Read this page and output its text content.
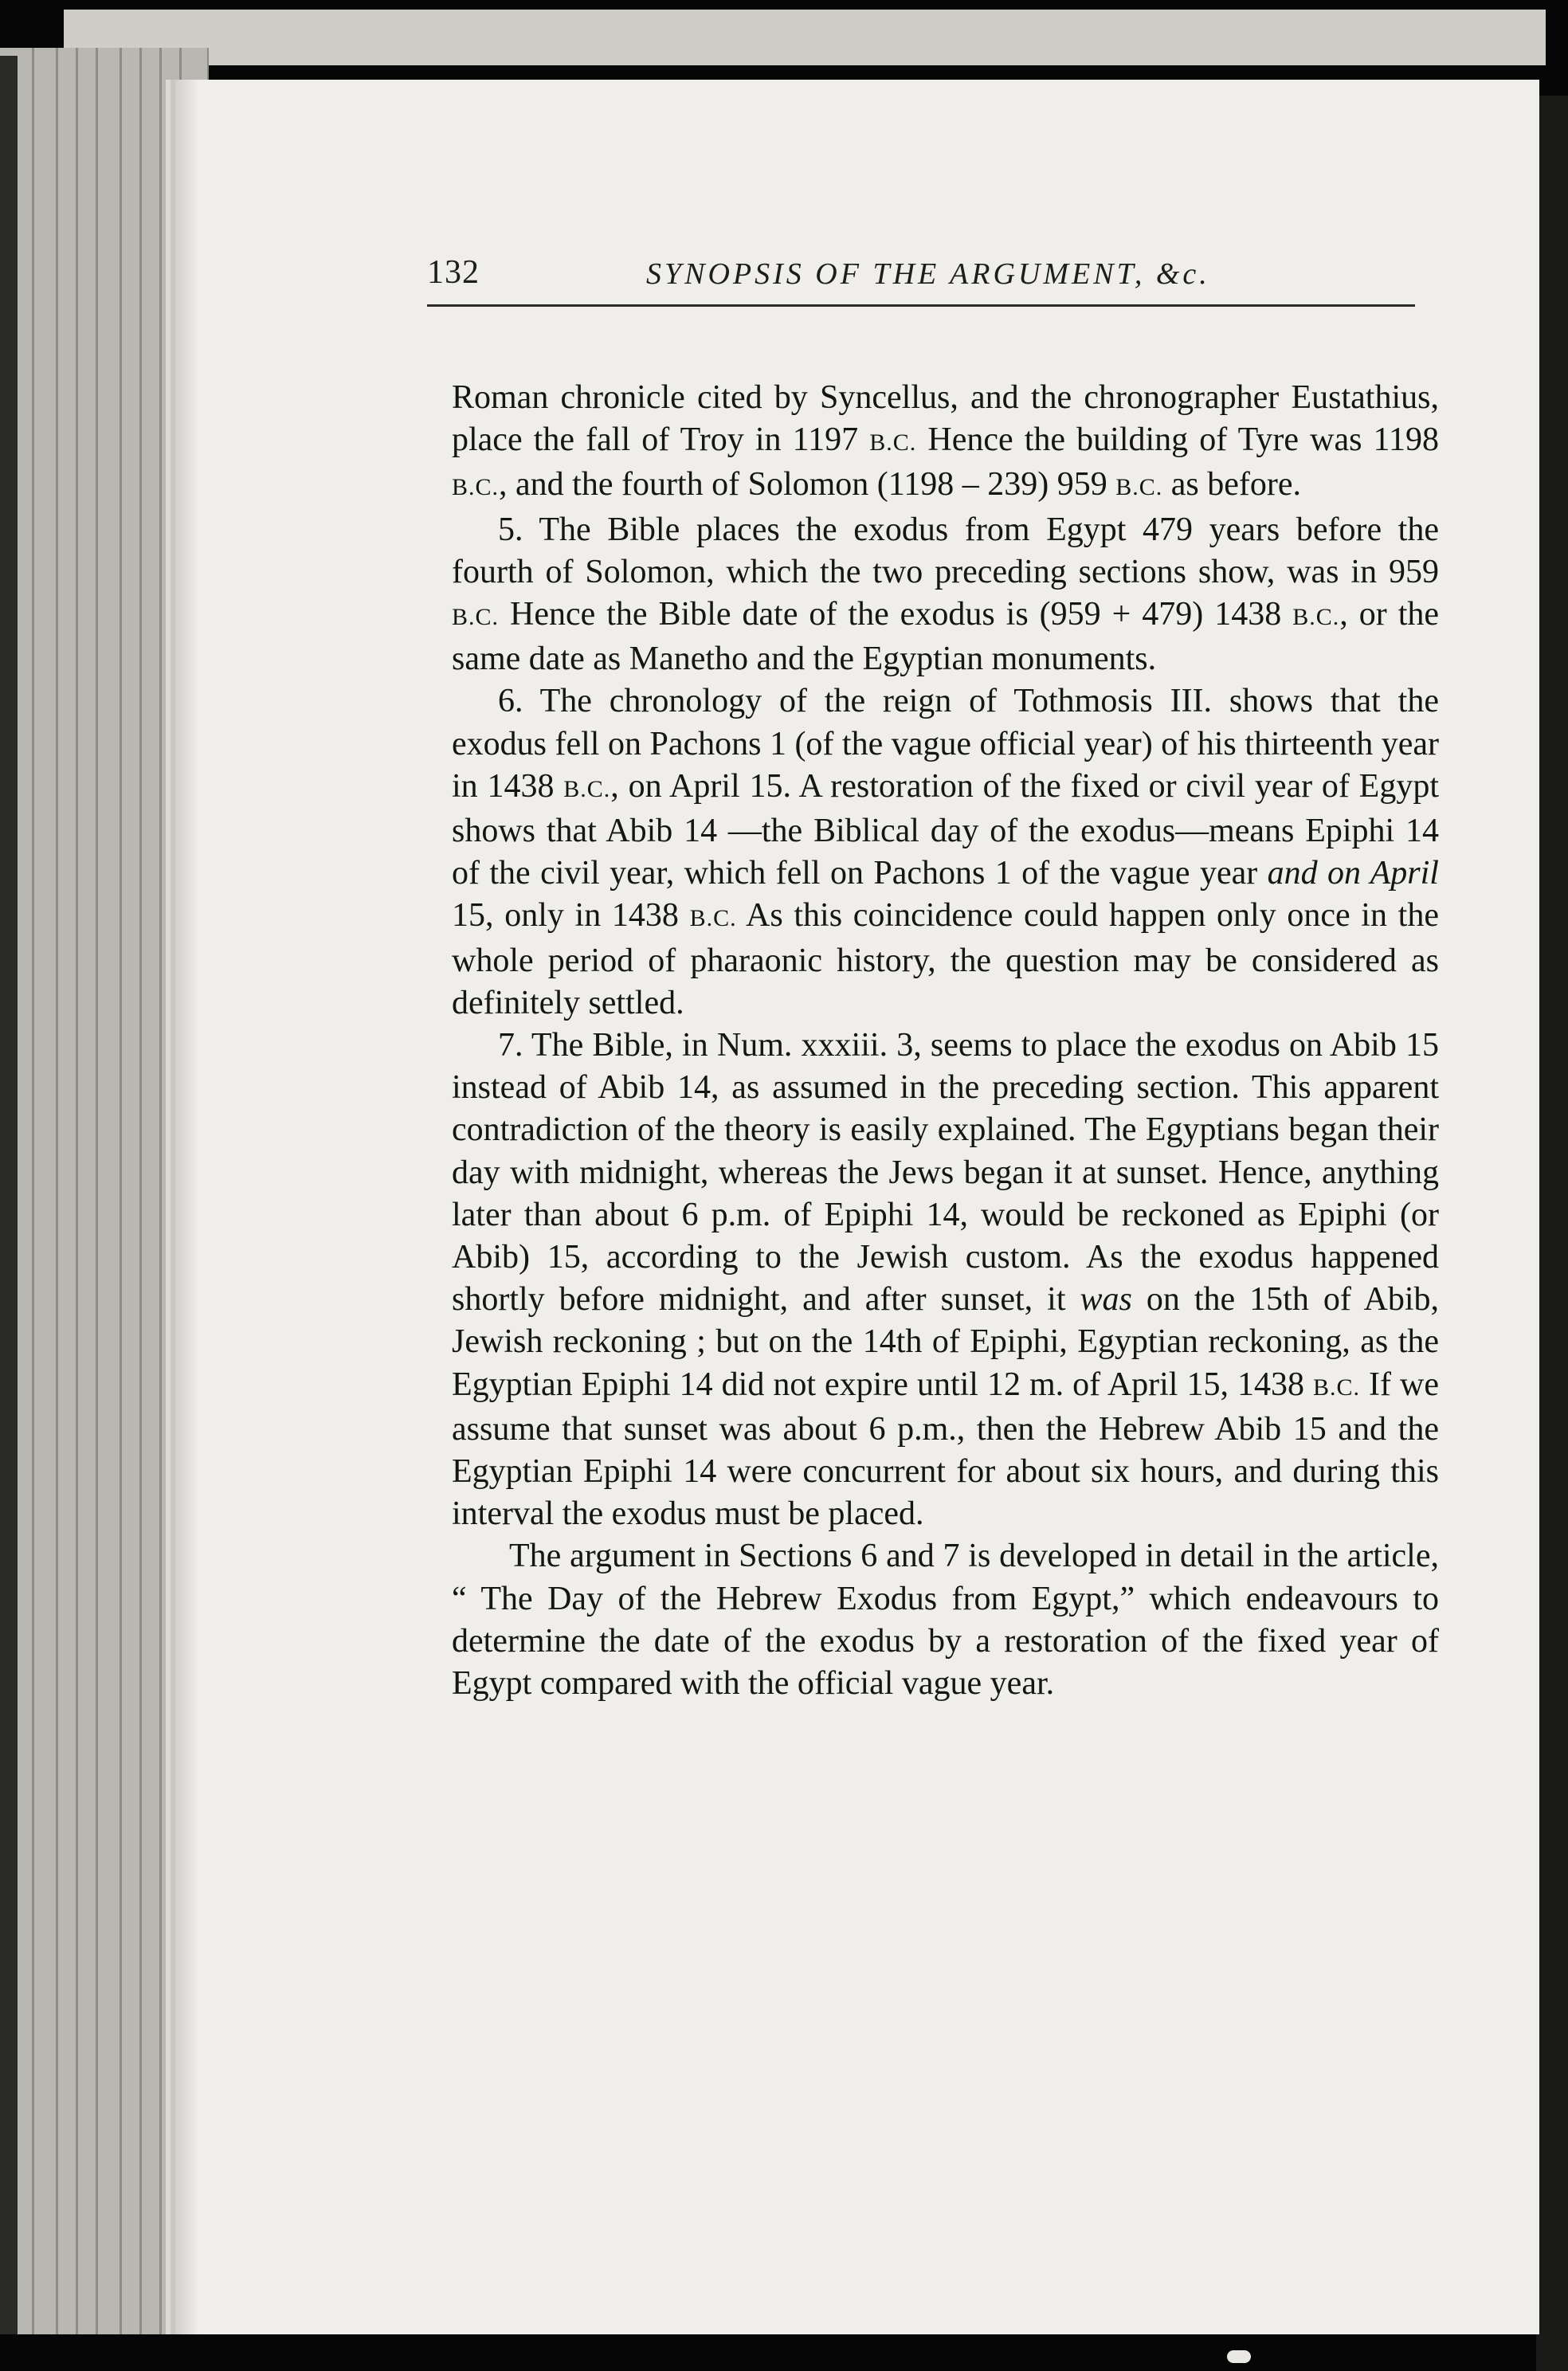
132	SYNOPSIS OF THE ARGUMENT, &c.

Roman chronicle cited by Syncellus, and the chronographer Eustathius, place the fall of Troy in 1197 B.C. Hence the building of Tyre was 1198 B.C., and the fourth of Solomon (1198 – 239) 959 B.C. as before.

5. The Bible places the exodus from Egypt 479 years before the fourth of Solomon, which the two preceding sections show, was in 959 B.C. Hence the Bible date of the exodus is (959 + 479) 1438 B.C., or the same date as Manetho and the Egyptian monuments.

6. The chronology of the reign of Tothmosis III. shows that the exodus fell on Pachons 1 (of the vague official year) of his thirteenth year in 1438 B.C., on April 15. A restoration of the fixed or civil year of Egypt shows that Abib 14 —the Biblical day of the exodus—means Epiphi 14 of the civil year, which fell on Pachons 1 of the vague year and on April 15, only in 1438 B.C. As this coincidence could happen only once in the whole period of pharaonic history, the question may be considered as definitely settled.

7. The Bible, in Num. xxxiii. 3, seems to place the exodus on Abib 15 instead of Abib 14, as assumed in the preceding section. This apparent contradiction of the theory is easily explained. The Egyptians began their day with midnight, whereas the Jews began it at sunset. Hence, anything later than about 6 p.m. of Epiphi 14, would be reckoned as Epiphi (or Abib) 15, according to the Jewish custom. As the exodus happened shortly before midnight, and after sunset, it was on the 15th of Abib, Jewish reckoning ; but on the 14th of Epiphi, Egyptian reckoning, as the Egyptian Epiphi 14 did not expire until 12 m. of April 15, 1438 B.C. If we assume that sunset was about 6 p.m., then the Hebrew Abib 15 and the Egyptian Epiphi 14 were concurrent for about six hours, and during this interval the exodus must be placed.

The argument in Sections 6 and 7 is developed in detail in the article, “ The Day of the Hebrew Exodus from Egypt,” which endeavours to determine the date of the exodus by a restoration of the fixed year of Egypt compared with the official vague year.
